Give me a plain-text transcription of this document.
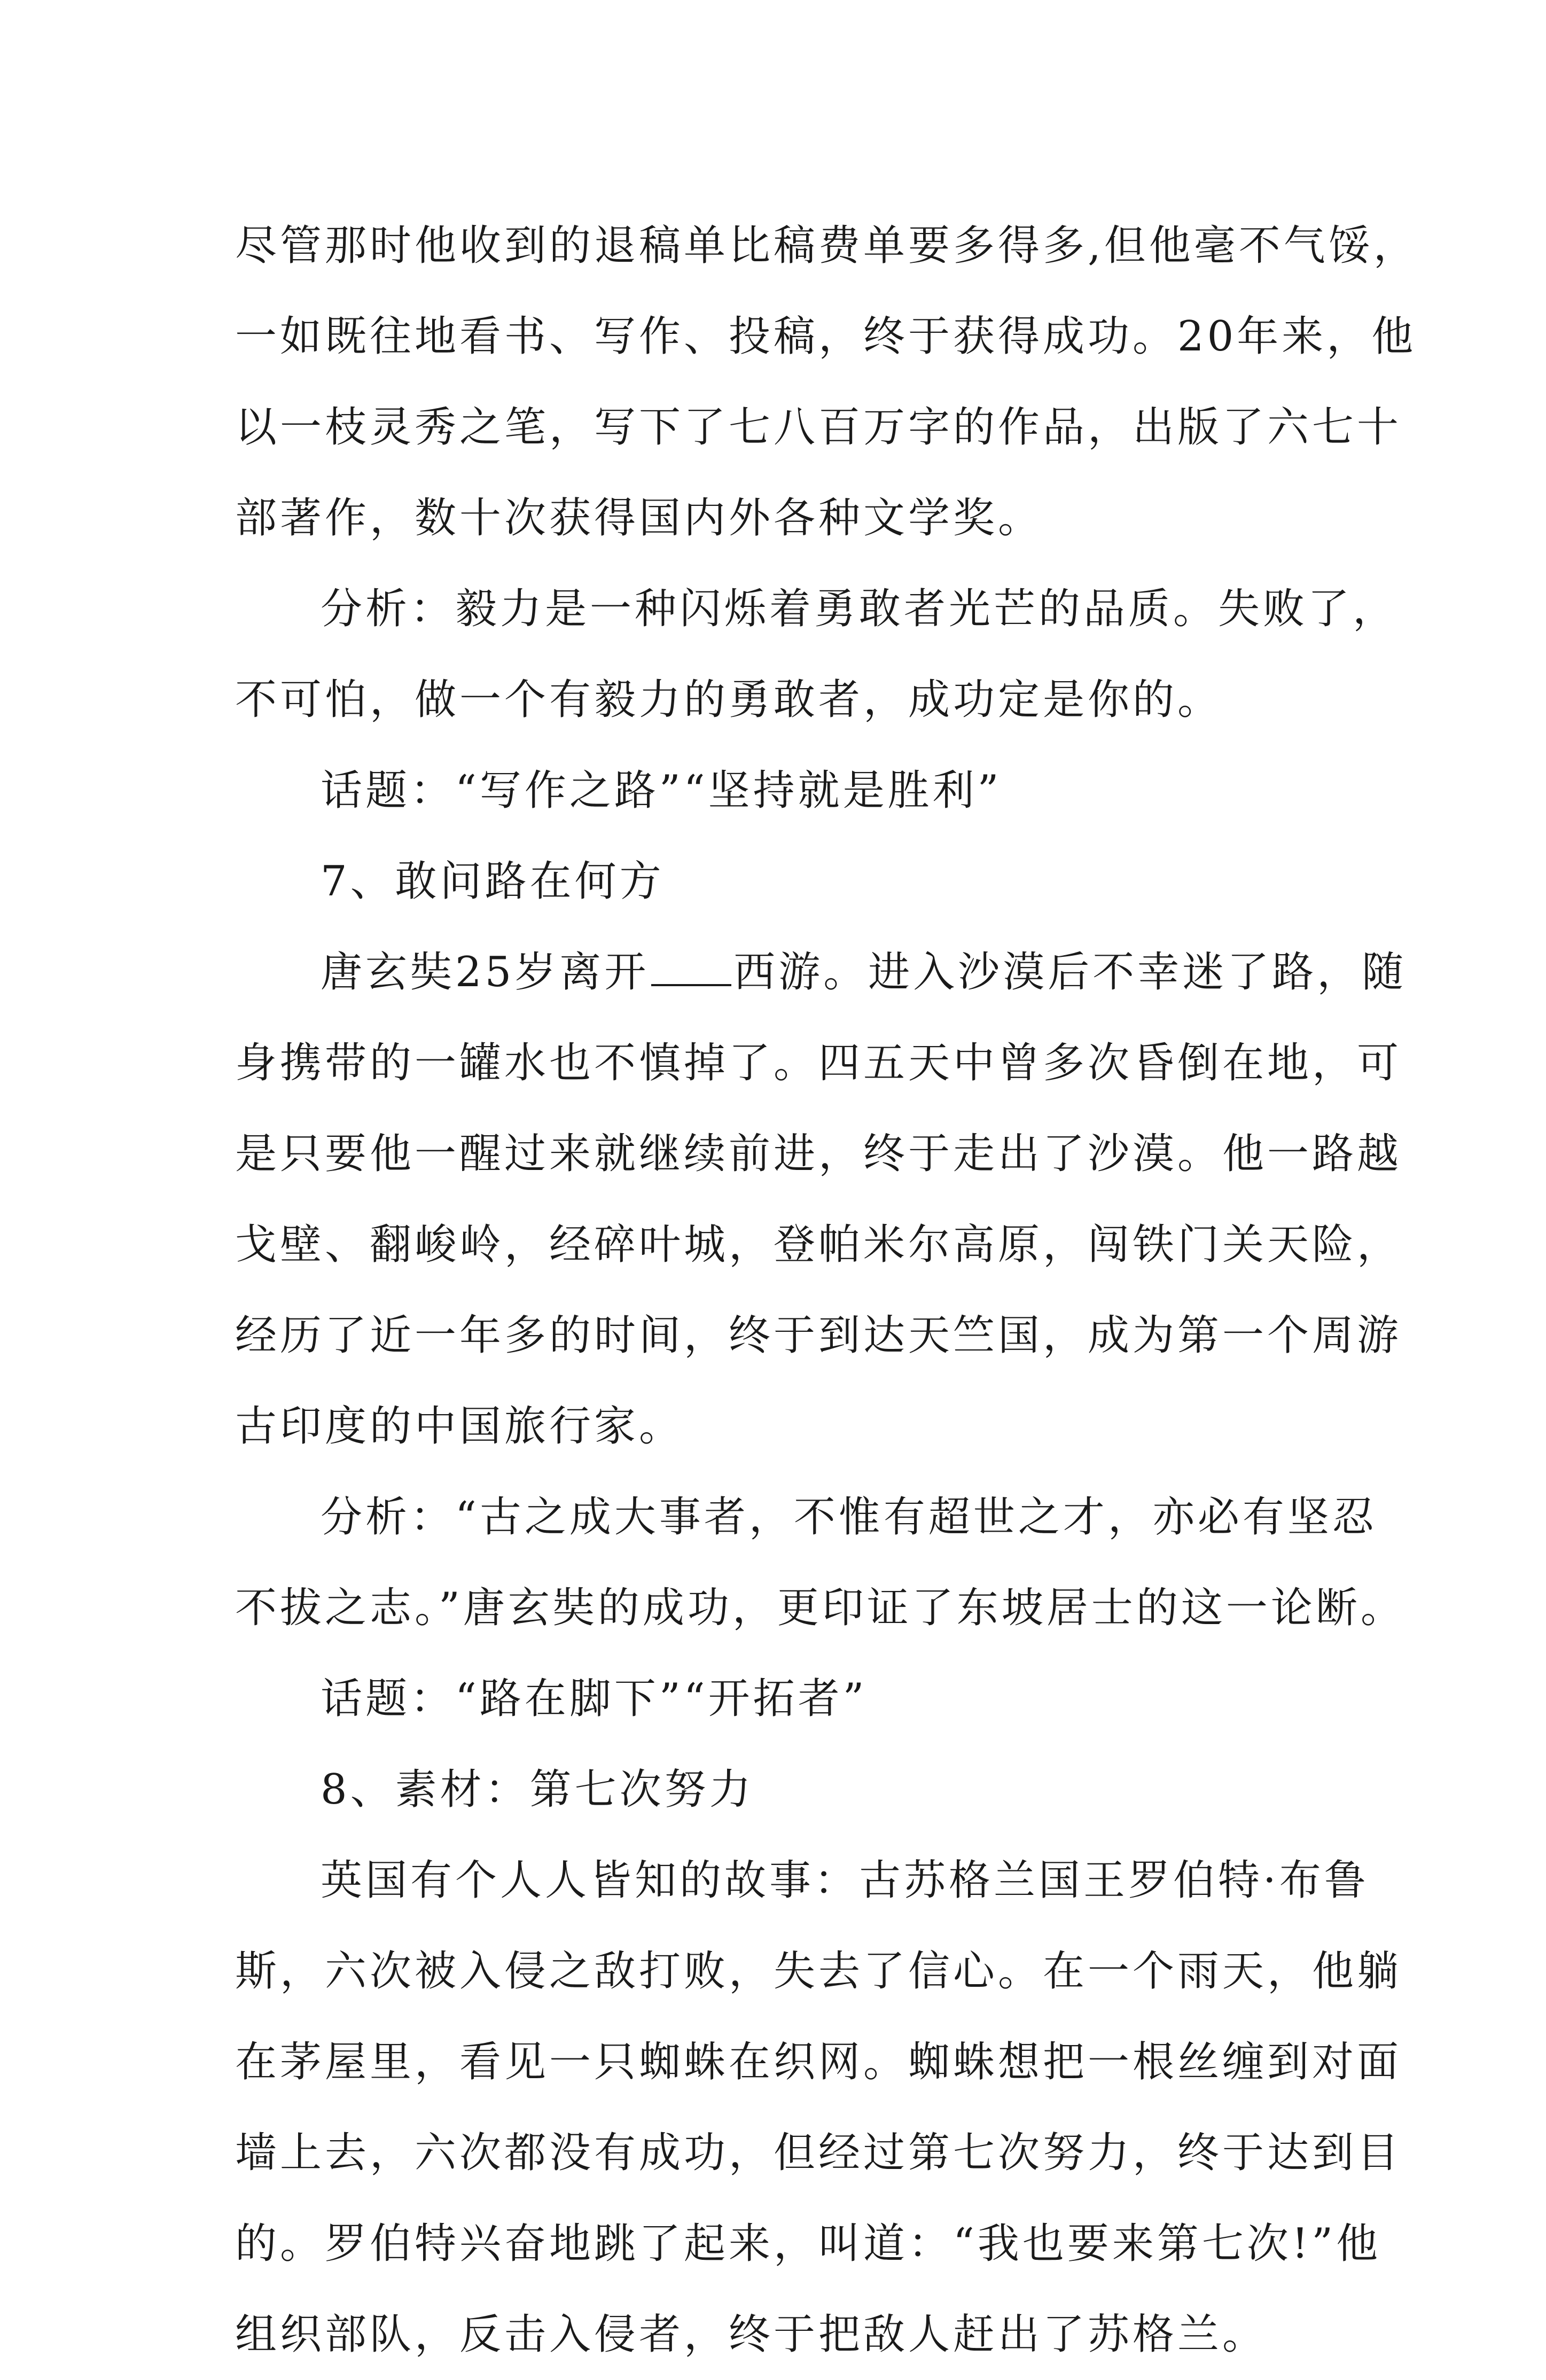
尽管那时他收到的退稿单比稿费单要多得多,但他毫不气馁，
一如既往地看书、写作、投稿，终于获得成功。20年来，他
以一枝灵秀之笔，写下了七八百万字的作品，出版了六七十
部著作，数十次获得国内外各种文学奖。
分析：毅力是一种闪烁着勇敢者光芒的品质。失败了，
不可怕，做一个有毅力的勇敢者，成功定是你的。
话题：“写作之路”“坚持就是胜利”
7、敢问路在何方
唐玄奘25岁离开 西游。进入沙漠后不幸迷了路，随
身携带的一罐水也不慎掉了。四五天中曾多次昏倒在地，可
是只要他一醒过来就继续前进，终于走出了沙漠。他一路越
戈壁、翻峻岭，经碎叶城，登帕米尔高原，闯铁门关天险，
经历了近一年多的时间，终于到达天竺国，成为第一个周游
古印度的中国旅行家。
分析：“古之成大事者，不惟有超世之才，亦必有坚忍
不拔之志。”唐玄奘的成功，更印证了东坡居士的这一论断。
话题：“路在脚下”“开拓者”
8、素材：第七次努力
英国有个人人皆知的故事：古苏格兰国王罗伯特·布鲁
斯，六次被入侵之敌打败，失去了信心。在一个雨天，他躺
在茅屋里，看见一只蜘蛛在织网。蜘蛛想把一根丝缠到对面
墙上去，六次都没有成功，但经过第七次努力，终于达到目
的。罗伯特兴奋地跳了起来，叫道：“我也要来第七次!”他
组织部队，反击入侵者，终于把敌人赶出了苏格兰。
